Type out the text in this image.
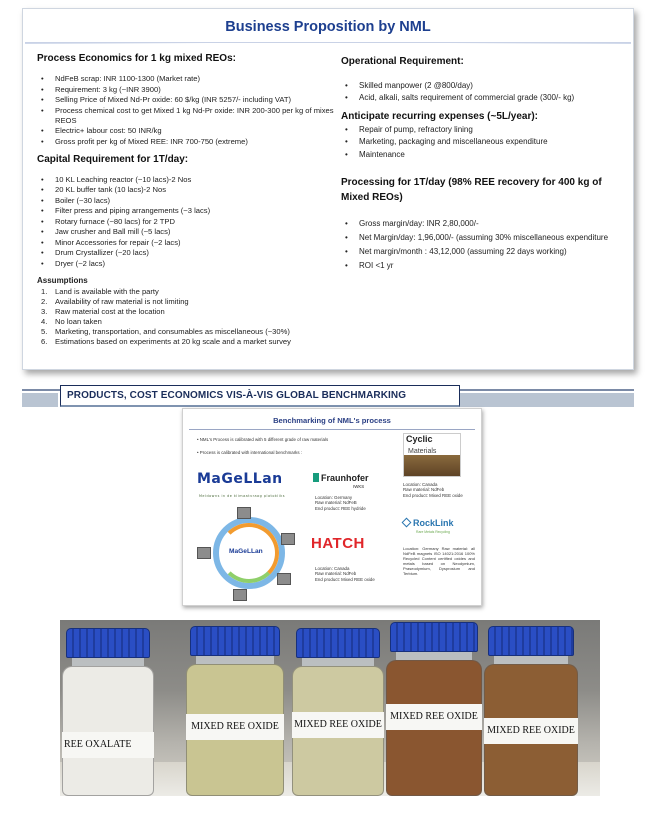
Business Proposition by NML
Process Economics for 1 kg mixed REOs:
• NdFeB scrap: INR 1100-1300 (Market rate)
• Requirement: 3 kg (~INR 3900)
• Selling Price of Mixed Nd-Pr oxide: 60 $/kg (INR 5257/- including VAT)
• Process chemical cost to get Mixed 1 kg Nd-Pr oxide: INR 200-300 per kg of mixes REOS
• Electric+ labour cost: 50 INR/kg
• Gross profit per kg of Mixed REE: INR 700-750 (extreme)
Capital Requirement for 1T/day:
• 10 KL Leaching reactor (~10 lacs)-2 Nos
• 20 KL buffer tank (10 lacs)-2 Nos
• Boiler (~30 lacs)
• Filter press and piping arrangements (~3 lacs)
• Rotary furnace (~80 lacs) for 2 TPD
• Jaw crusher and Ball mill (~5 lacs)
• Minor Accessories for repair (~2 lacs)
• Drum Crystallizer (~20 lacs)
• Dryer (~2 lacs)
Assumptions
1. Land is available with the party
2. Availability of raw material is not limiting
3. Raw material cost at the location
4. No loan taken
5. Marketing, transportation, and consumables as miscellaneous (~30%)
6. Estimations based on experiments at 20 kg scale and a market survey
Operational Requirement:
• Skilled manpower (2 @800/day)
• Acid, alkali, salts requirement of commercial grade (300/- kg)
Anticipate recurring expenses (~5L/year):
• Repair of pump, refractory lining
• Marketing, packaging and miscellaneous expenditure
• Maintenance
Processing for 1T/day (98% REE recovery for 400 kg of Mixed REOs)
• Gross margin/day: INR 2,80,000/-
• Net Margin/day: 1,96,000/- (assuming 30% miscellaneous expenditure
• Net margin/month : 43,12,000 (assuming 22 days working)
• ROI <1 yr
PRODUCTS, COST ECONOMICS VIS-À-VIS GLOBAL BENCHMARKING
Benchmarking of NML's process
• NML's Process is calibrated with 5 different grade of raw materials
• Process is calibrated with international benchmarks :
MaGeLLan
Meldowns in de klimaatvraag platokliks
MaGeLLan
Fraunhofer
IWKS
Location: Germany
Raw material: NdFeB
End product: REE hydride
HATCH
Location: Canada
Raw material: NdFeb
End product: Mixed REE oxide
Cyclic
Materials
Location: Canada
Raw material: NdFeb
End product: Mixed REE oxide
RockLink
Rare Metals Recycling
Location: Germany Raw material: all NdFeB magnets ISO 14021:2016 100% Recycled Content certified oxides and metals based on Neodymium, Praseodymium, Dysprosium and Terbium.
REE OXALATE
MIXED REE OXIDE	MIXED REE OXIDE
MIXED REE OXIDE
MIXED REE OXIDE
